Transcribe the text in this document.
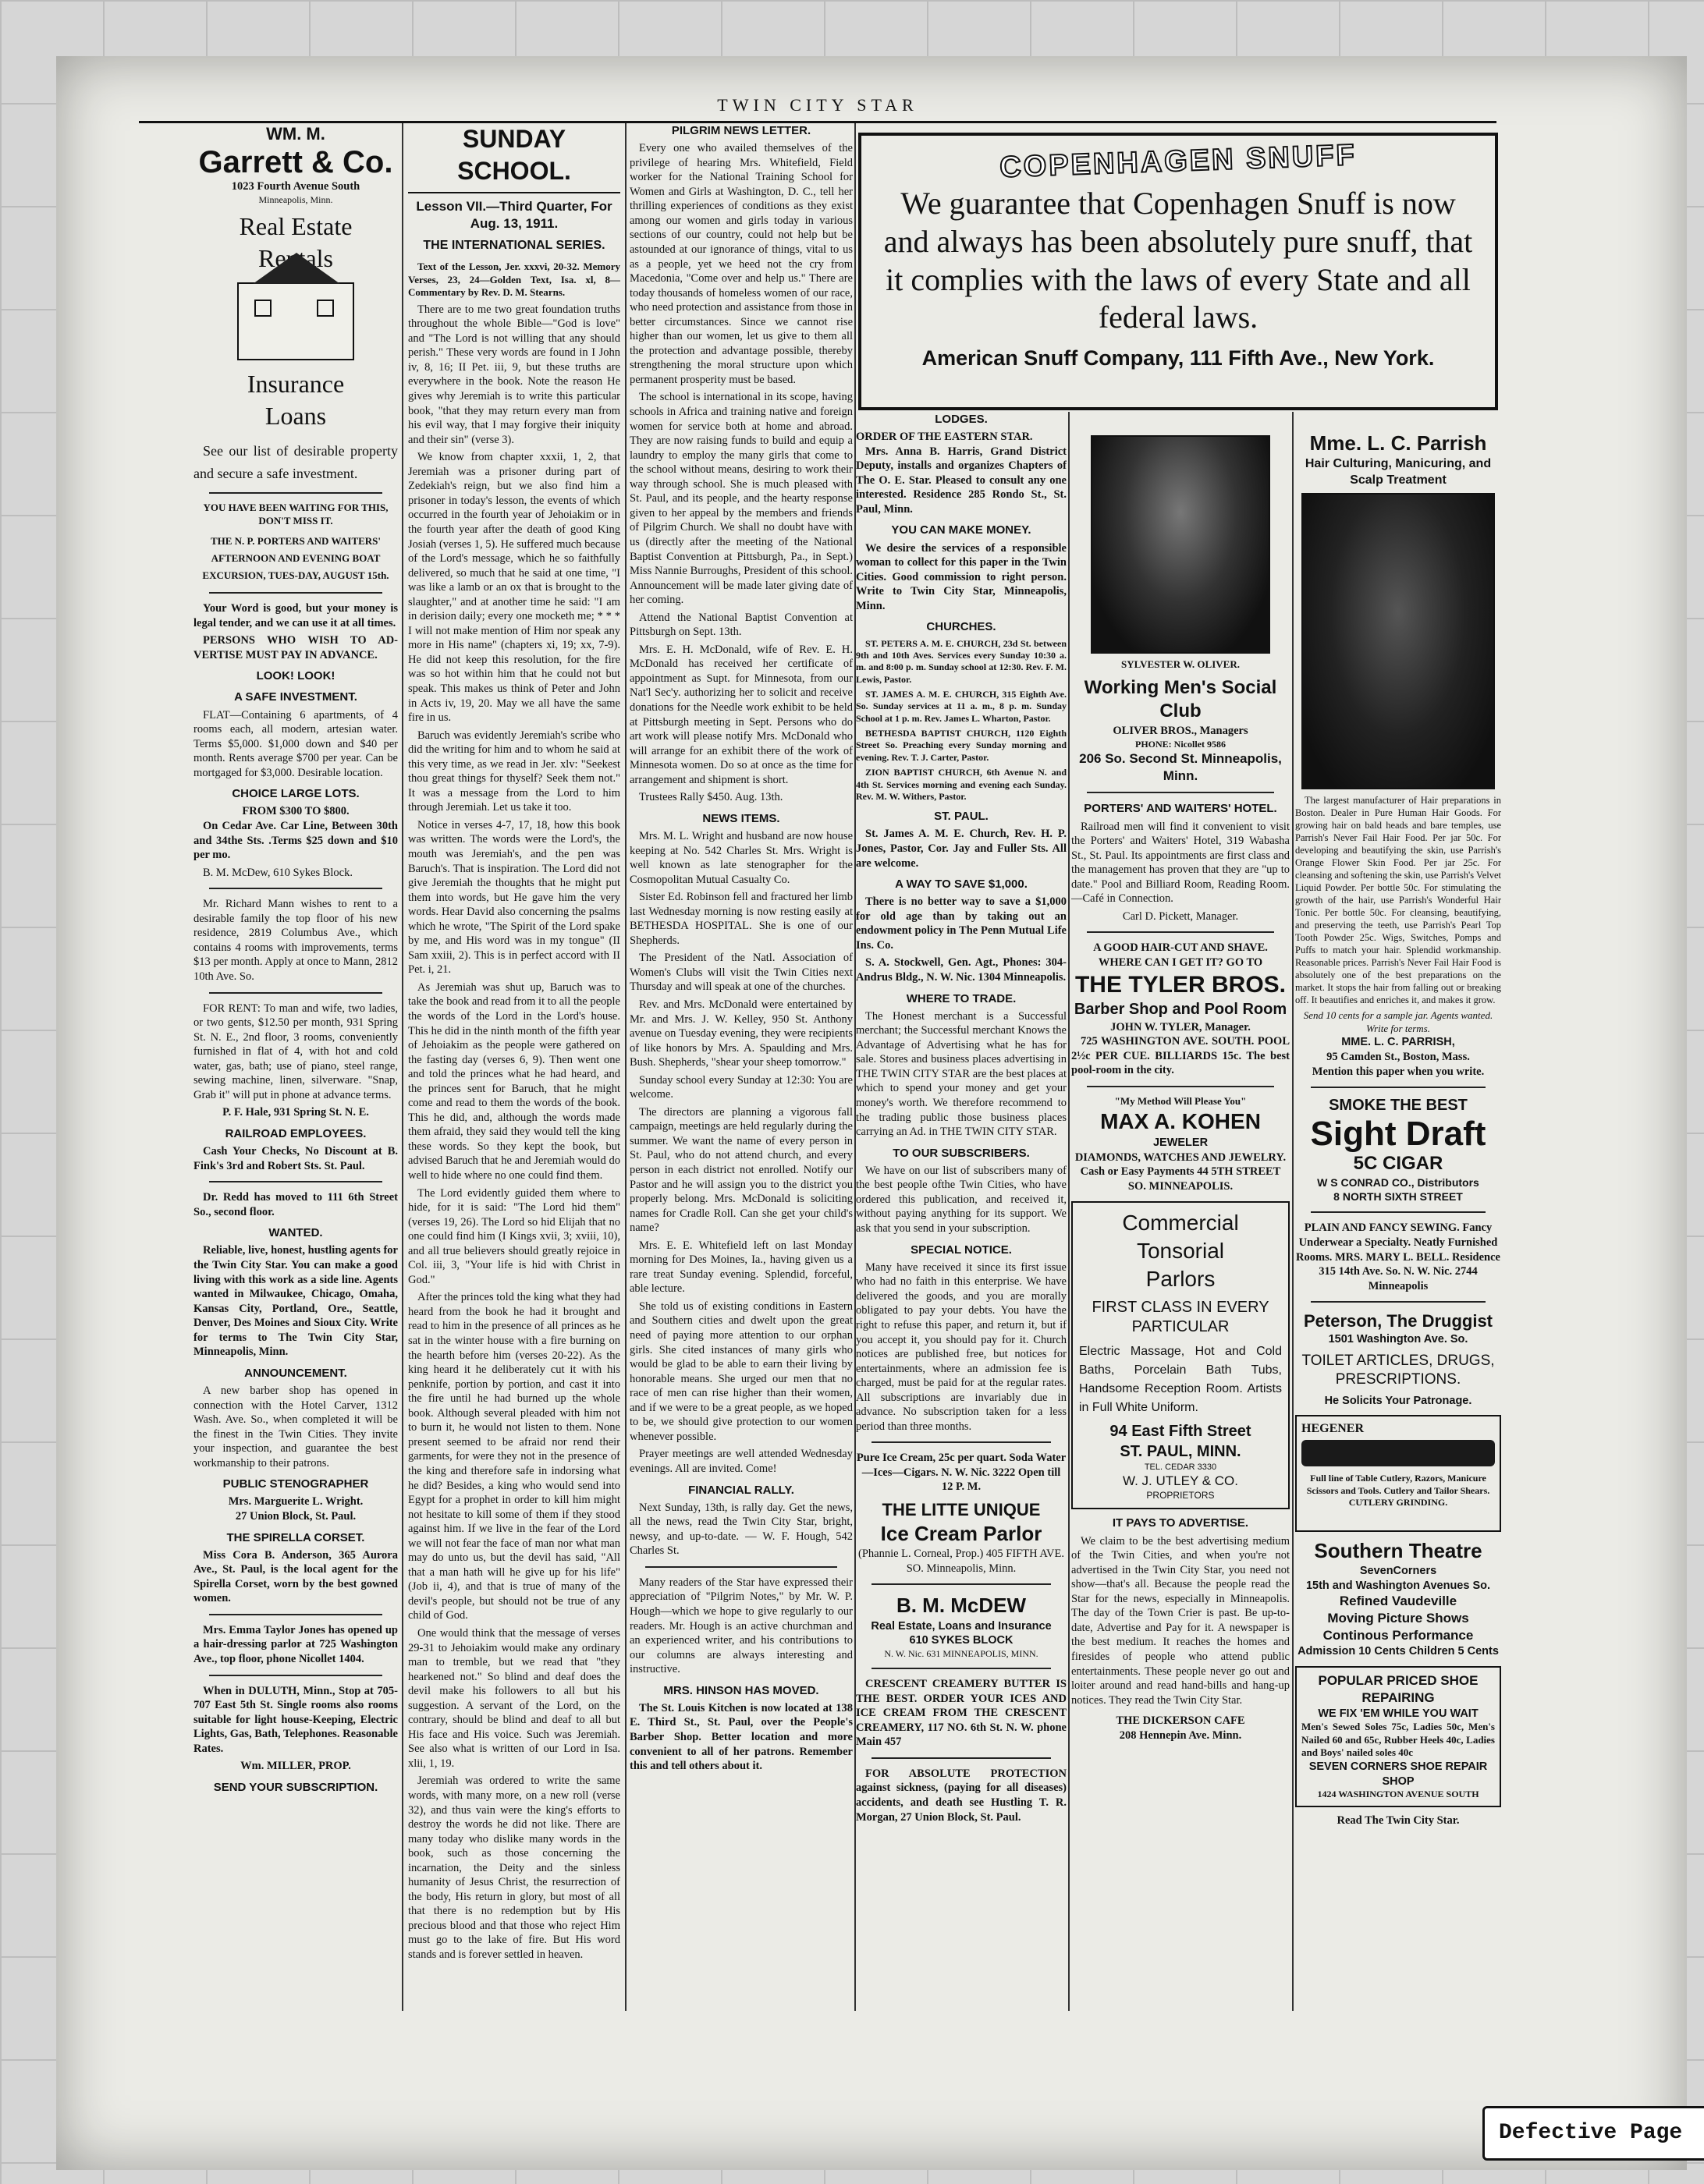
TWIN CITY STAR
WM. M.
Garrett & Co.
1023 Fourth Avenue South
Minneapolis, Minn.
Real Estate
Insurance
Loans

See our list of desirable property and secure a safe investment.

YOU HAVE BEEN WAITING FOR THIS, DON'T MISS IT.
THE N. P. PORTERS AND WAITERS' AFTERNOON AND EVENING BOAT EXCURSION, TUES-DAY, AUGUST 15th.

Your Word is good, but your money is legal tender, and we can use it at all times.

PERSONS WHO WISH TO AD-VERTISE MUST PAY IN ADVANCE.

LOOK! LOOK!
A SAFE INVESTMENT.

FLAT—Containing 6 apartments, of 4 rooms each, all modern, artesian water. Terms $5,000. $1,000 down and $40 per month. Rents average $700 per year. Can be mortgaged for $3,000. Desirable location.

CHOICE LARGE LOTS.
FROM $300 TO $800.

On Cedar Ave. Car Line, Between 30th and 34the Sts. .Terms $25 down and $10 per mo.

B. M. McDew, 610 Sykes Block.

Mr. Richard Mann wishes to rent to a desirable family the top floor of his new residence, 2819 Columbus Ave., which contains 4 rooms with improvements, terms $13 per month. Apply at once to Mann, 2812 10th Ave. So.

FOR RENT: To man and wife, two ladies, or two gents, $12.50 per month, 931 Spring St. N. E., 2nd floor, 3 rooms, conveniently furnished in flat of 4, with hot and cold water, gas, bath; use of piano, steel range, sewing machine, linen, silverware. "Snap, Grab it" will put in phone at advance terms.

P. F. Hale, 931 Spring St. N. E.
RAILROAD EMPLOYEES.

Cash Your Checks, No Discount at B. Fink's 3rd and Robert Sts. St. Paul.

Dr. Redd has moved to 111 6th Street So., second floor.

WANTED.

Reliable, live, honest, hustling agents for the Twin City Star. You can make a good living with this work as a side line. Agents wanted in Milwaukee, Chicago, Omaha, Kansas City, Portland, Ore., Seattle, Denver, Des Moines and Sioux City. Write for terms to The Twin City Star, Minneapolis, Minn.

ANNOUNCEMENT.

A new barber shop has opened in connection with the Hotel Carver, 1312 Wash. Ave. So., when completed it will be the finest in the Twin Cities. They invite your inspection, and guarantee the best workmanship to their patrons.

PUBLIC STENOGRAPHER
Mrs. Marguerite L. Wright.
27 Union Block, St. Paul.
THE SPIRELLA CORSET.

Miss Cora B. Anderson, 365 Aurora Ave., St. Paul, is the local agent for the Spirella Corset, worn by the best gowned women.

Mrs. Emma Taylor Jones has opened up a hair-dressing parlor at 725 Washington Ave., top floor, phone Nicollet 1404.

When in DULUTH, Minn., Stop at 705-707 East 5th St. Single rooms also rooms suitable for light house-Keeping, Electric Lights, Gas, Bath, Telephones. Reasonable Rates.

Wm. MILLER, PROP.
SEND YOUR SUBSCRIPTION.
SUNDAY SCHOOL.
Lesson VII.—Third Quarter, For Aug. 13, 1911.
THE INTERNATIONAL SERIES.

Text of the Lesson, Jer. xxxvi, 20-32. Memory Verses, 23, 24—Golden Text, Isa. xl, 8—Commentary by Rev. D. M. Stearns.

There are to me two great foundation truths throughout the whole Bible—"God is love" and "The Lord is not willing that any should perish." These very words are found in I John iv, 8, 16; II Pet. iii, 9, but these truths are everywhere in the book. Note the reason He gives why Jeremiah is to write this particular book, "that they may return every man from his evil way, that I may forgive their iniquity and their sin" (verse 3).

We know from chapter xxxii, 1, 2, that Jeremiah was a prisoner during part of Zedekiah's reign, but we also find him a prisoner in today's lesson, the events of which occurred in the fourth year of Jehoiakim or in the fourth year after the death of good King Josiah (verses 1, 5). He suffered much because of the Lord's message, which he so faithfully delivered, so much that he said at one time, "I was like a lamb or an ox that is brought to the slaughter," and at another time he said: "I am in derision daily; every one mocketh me; * * * I will not make mention of Him nor speak any more in His name" (chapters xi, 19; xx, 7-9). He did not keep this resolution, for the fire was so hot within him that he could not but speak. This makes us think of Peter and John in Acts iv, 19, 20. May we all have the same fire in us.

Baruch was evidently Jeremiah's scribe who did the writing for him and to whom he said at this very time, as we read in Jer. xlv: "Seekest thou great things for thyself? Seek them not." It was a message from the Lord to him through Jeremiah. Let us take it too.

Notice in verses 4-7, 17, 18, how this book was written. The words were the Lord's, the mouth was Jeremiah's, and the pen was Baruch's. That is inspiration. The Lord did not give Jeremiah the thoughts that he might put them into words, but He gave him the very words. Hear David also concerning the psalms which he wrote, "The Spirit of the Lord spake by me, and His word was in my tongue" (II Sam xxiii, 2). This is in perfect accord with II Pet. i, 21.

As Jeremiah was shut up, Baruch was to take the book and read from it to all the people the words of the Lord in the Lord's house. This he did in the ninth month of the fifth year of Jehoiakim as the people were gathered on the fasting day (verses 6, 9). Then went one and told the princes what he had heard, and the princes sent for Baruch, that he might come and read to them the words of the book. This he did, and, although the words made them afraid, they said they would tell the king these words. So they kept the book, but advised Baruch that he and Jeremiah would do well to hide where no one could find them.

The Lord evidently guided them where to hide, for it is said: "The Lord hid them" (verses 19, 26). The Lord so hid Elijah that no one could find him (I Kings xvii, 3; xviii, 10), and all true believers should greatly rejoice in Col. iii, 3, "Your life is hid with Christ in God."

After the princes told the king what they had heard from the book he had it brought and read to him in the presence of all princes as he sat in the winter house with a fire burning on the hearth before him (verses 20-22). As the king heard it he deliberately cut it with his penknife, portion by portion, and cast it into the fire until he had burned up the whole book. Although several pleaded with him not to burn it, he would not listen to them. None present seemed to be afraid nor rend their garments, for were they not in the presence of the king and therefore safe in indorsing what he did? Besides, a king who would send into Egypt for a prophet in order to kill him might not hesitate to kill some of them if they stood against him. If we live in the fear of the Lord we will not fear the face of man nor what man may do unto us, but the devil has said, "All that a man hath will he give up for his life" (Job ii, 4), and that is true of many of the devil's people, but should not be true of any child of God.

One would think that the message of verses 29-31 to Jehoiakim would make any ordinary man to tremble, but we read that "they hearkened not." So blind and deaf does the devil make his followers to all but his suggestion. A servant of the Lord, on the contrary, should be blind and deaf to all but His face and His voice. Such was Jeremiah. See also what is written of our Lord in Isa. xlii, 1, 19.

Jeremiah was ordered to write the same words, with many more, on a new roll (verse 32), and thus vain were the king's efforts to destroy the words he did not like. There are many today who dislike many words in the book, such as those concerning the incarnation, the Deity and the sinless humanity of Jesus Christ, the resurrection of the body, His return in glory, but most of all that there is no redemption but by His precious blood and that those who reject Him must go to the lake of fire. But His word stands and is forever settled in heaven.

PILGRIM NEWS LETTER.

Every one who availed themselves of the privilege of hearing Mrs. Whitefield, Field worker for the National Training School for Women and Girls at Washington, D. C., tell her thrilling experiences of conditions as they exist among our women and girls today in various sections of our country, could not help but be astounded at our ignorance of things, vital to us as a people, yet we heed not the cry from Macedonia, "Come over and help us." There are today thousands of homeless women of our race, who need protection and assistance from those in better circumstances. Since we cannot rise higher than our women, let us give to them all the protection and advantage possible, thereby strengthening the moral structure upon which permanent prosperity must be based.

The school is international in its scope, having schools in Africa and training native and foreign women for service both at home and abroad. They are now raising funds to build and equip a laundry to employ the many girls that come to the school without means, desiring to work their way through school. She is much pleased with St. Paul, and its people, and the hearty response given to her appeal by the members and friends of Pilgrim Church. We shall no doubt have with us (directly after the meeting of the National Baptist Convention at Pittsburgh, Pa., in Sept.) Miss Nannie Burroughs, President of this school. Announcement will be made later giving date of her coming.

Attend the National Baptist Convention at Pittsburgh on Sept. 13th.

Mrs. E. H. McDonald, wife of Rev. E. H. McDonald has received her certificate of appointment as Supt. for Minnesota, from our Nat'l Sec'y. authorizing her to solicit and receive donations for the Needle work exhibit to be held at Pittsburgh meeting in Sept. Persons who do art work will please notify Mrs. McDonald who will arrange for an exhibit there of the work of Minnesota women. Do so at once as the time for arrangement and shipment is short.

Trustees Rally $450. Aug. 13th.

NEWS ITEMS.

Mrs. M. L. Wright and husband are now house keeping at No. 542 Charles St. Mrs. Wright is well known as late stenographer for the Cosmopolitan Mutual Casualty Co.

Sister Ed. Robinson fell and fractured her limb last Wednesday morning is now resting easily at BETHESDA HOSPITAL. She is one of our Shepherds.

The President of the Natl. Association of Women's Clubs will visit the Twin Cities next Thursday and will speak at one of the churches.

Rev. and Mrs. McDonald were entertained by Mr. and Mrs. J. W. Kelley, 950 St. Anthony avenue on Tuesday evening, they were recipients of like honors by Mrs. A. Spaulding and Mrs. Bush. Shepherds, "shear your sheep tomorrow."

Sunday school every Sunday at 12:30: You are welcome.

The directors are planning a vigorous fall campaign, meetings are held regularly during the summer. We want the name of every person in St. Paul, who do not attend church, and every person in each district not enrolled. Notify our Pastor and he will assign you to the district you properly belong. Mrs. McDonald is soliciting names for Cradle Roll. Can she get your child's name?

Mrs. E. E. Whitefield left on last Monday morning for Des Moines, Ia., having given us a rare treat Sunday evening. Splendid, forceful, able lecture.

She told us of existing conditions in Eastern and Southern cities and dwelt upon the great need of paying more attention to our orphan girls. She cited instances of many girls who would be glad to be able to earn their living by honorable means. She urged our men that no race of men can rise higher than their women, and if we were to be a great people, as we hoped to be, we should give protection to our women whenever possible.

Prayer meetings are well attended Wednesday evenings. All are invited. Come!

FINANCIAL RALLY.

Next Sunday, 13th, is rally day. Get the news, all the news, read the Twin City Star, bright, newsy, and up-to-date. — W. F. Hough, 542 Charles St.

Many readers of the Star have expressed their appreciation of "Pilgrim Notes," by Mr. W. P. Hough—which we hope to give regularly to our readers. Mr. Hough is an active churchman and an experienced writer, and his contributions to our columns are always interesting and instructive.

MRS. HINSON HAS MOVED.

The St. Louis Kitchen is now located at 138 E. Third St., St. Paul, over the People's Barber Shop. Better location and more convenient to all of her patrons. Remember this and tell others about it.

COPENHAGEN SNUFF
We guarantee that Copenhagen Snuff is now and always has been absolutely pure snuff, that it complies with the laws of every State and all federal laws.
American Snuff Company, 111 Fifth Ave., New York.
LODGES.
ORDER OF THE EASTERN STAR.

Mrs. Anna B. Harris, Grand District Deputy, installs and organizes Chapters of The O. E. Star. Pleased to consult any one interested. Residence 285 Rondo St., St. Paul, Minn.

YOU CAN MAKE MONEY.

We desire the services of a responsible woman to collect for this paper in the Twin Cities. Good commission to right person. Write to Twin City Star, Minneapolis, Minn.

CHURCHES.

ST. PETERS A. M. E. CHURCH, 23d St. between 9th and 10th Aves. Services every Sunday 10:30 a. m. and 8:00 p. m. Sunday school at 12:30. Rev. F. M. Lewis, Pastor.

ST. JAMES A. M. E. CHURCH, 315 Eighth Ave. So. Sunday services at 11 a. m., 8 p. m. Sunday School at 1 p. m. Rev. James L. Wharton, Pastor.

BETHESDA BAPTIST CHURCH, 1120 Eighth Street So. Preaching every Sunday morning and evening. Rev. T. J. Carter, Pastor.

ZION BAPTIST CHURCH, 6th Avenue N. and 4th St. Services morning and evening each Sunday. Rev. M. W. Withers, Pastor.

ST. PAUL.

St. James A. M. E. Church, Rev. H. P. Jones, Pastor, Cor. Jay and Fuller Sts. All are welcome.

A WAY TO SAVE $1,000.

There is no better way to save a $1,000 for old age than by taking out an endowment policy in The Penn Mutual Life Ins. Co.

S. A. Stockwell, Gen. Agt., Phones: 304- Andrus Bldg., N. W. Nic. 1304 Minneapolis.

WHERE TO TRADE.

The Honest merchant is a Successful merchant; the Successful merchant Knows the Advantage of Advertising what he has for sale. Stores and business places advertising in THE TWIN CITY STAR are the best places at which to spend your money and get your money's worth. We therefore recommend to the trading public those business places carrying an Ad. in THE TWIN CITY STAR.

TO OUR SUBSCRIBERS.

We have on our list of subscribers many of the best people ofthe Twin Cities, who have ordered this publication, and received it, without paying anything for its support. We ask that you send in your subscription.

SPECIAL NOTICE.

Many have received it since its first issue who had no faith in this enterprise. We have delivered the goods, and you are morally obligated to pay your debts. You have the right to refuse this paper, and return it, but if you accept it, you should pay for it. Church notices are published free, but notices for entertainments, where an admission fee is charged, must be paid for at the regular rates. All subscriptions are invariably due in advance. No subscription taken for a less period than three months.

Pure Ice Cream, 25c per quart. Soda Water—Ices—Cigars. N. W. Nic. 3222 Open till 12 P. M.
THE LITTE UNIQUE
Ice Cream Parlor
(Phannie L. Corneal, Prop.) 405 FIFTH AVE. SO. Minneapolis, Minn.
B. M. McDEW
Real Estate, Loans and Insurance
610 SYKES BLOCK
N. W. Nic. 631 MINNEAPOLIS, MINN.

CRESCENT CREAMERY BUTTER IS THE BEST. ORDER YOUR ICES AND ICE CREAM FROM THE CRESCENT CREAMERY, 117 NO. 6th St. N. W. phone Main 457

FOR ABSOLUTE PROTECTION against sickness, (paying for all diseases) accidents, and death see Hustling T. R. Morgan, 27 Union Block, St. Paul.

SYLVESTER W. OLIVER.
Working Men's Social Club
OLIVER BROS., Managers
PHONE: Nicollet 9586
206 So. Second St. Minneapolis, Minn.
PORTERS' AND WAITERS' HOTEL.

Railroad men will find it convenient to visit the Porters' and Waiters' Hotel, 319 Wabasha St., St. Paul. Its appointments are first class and the management has proven that they are "up to date." Pool and Billiard Room, Reading Room.—Café in Connection.

Carl D. Pickett, Manager.
A GOOD HAIR-CUT AND SHAVE. WHERE CAN I GET IT? GO TO
THE TYLER BROS.
Barber Shop and Pool Room
JOHN W. TYLER, Manager.

725 WASHINGTON AVE. SOUTH. POOL 2½c PER CUE. BILLIARDS 15c. The best pool-room in the city.

"My Method Will Please You"
MAX A. KOHEN
JEWELER
DIAMONDS, WATCHES AND JEWELRY.
Cash or Easy Payments 44 5TH STREET SO. MINNEAPOLIS.
Commercial
Tonsorial
Parlors
FIRST CLASS IN EVERY PARTICULAR
Electric Massage, Hot and Cold Baths, Porcelain Bath Tubs, Handsome Reception Room. Artists in Full White Uniform.
94 East Fifth Street
ST. PAUL, MINN.
TEL. CEDAR 3330
W. J. UTLEY & CO.
PROPRIETORS
IT PAYS TO ADVERTISE.

We claim to be the best advertising medium of the Twin Cities, and when you're not advertised in the Twin City Star, you need not show—that's all. Because the people read the Star for the news, especially in Minneapolis. The day of the Town Crier is past. Be up-to-date, Advertise and Pay for it. A newspaper is the best medium. It reaches the homes and firesides of people who attend public entertainments. These people never go out and loiter around and read hand-bills and hang-up notices. They read the Twin City Star.

THE DICKERSON CAFE
208 Hennepin Ave. Minn.
Mme. L. C. Parrish
Hair Culturing, Manicuring, and Scalp Treatment

The largest manufacturer of Hair preparations in Boston. Dealer in Pure Human Hair Goods. For growing hair on bald heads and bare temples, use Parrish's Never Fail Hair Food. Per jar 50c. For developing and beautifying the skin, use Parrish's Orange Flower Skin Food. Per jar 25c. For cleansing and softening the skin, use Parrish's Velvet Liquid Powder. Per bottle 50c. For stimulating the growth of the hair, use Parrish's Wonderful Hair Tonic. Per bottle 50c. For cleansing, beautifying, and preserving the teeth, use Parrish's Pearl Top Tooth Powder 25c. Wigs, Switches, Pomps and Puffs to match your hair. Splendid workmanship. Reasonable prices. Parrish's Never Fail Hair Food is absolutely one of the best preparations on the market. It stops the hair from falling out or breaking off. It beautifies and enriches it, and makes it grow.

Send 10 cents for a sample jar. Agents wanted. Write for terms.
MME. L. C. PARRISH,
95 Camden St., Boston, Mass.
Mention this paper when you write.
SMOKE THE BEST
Sight Draft
5C CIGAR
W S CONRAD CO., Distributors
8 NORTH SIXTH STREET

PLAIN AND FANCY SEWING. Fancy Underwear a Specialty. Neatly Furnished Rooms. MRS. MARY L. BELL. Residence 315 14th Ave. So. N. W. Nic. 2744 Minneapolis

Peterson, The Druggist
1501 Washington Ave. So.
TOILET ARTICLES, DRUGS, PRESCRIPTIONS.
He Solicits Your Patronage.
HEGENER
Full line of Table Cutlery, Razors, Manicure Scissors and Tools. Cutlery and Tailor Shears. CUTLERY GRINDING.
Southern Theatre
SevenCorners
15th and Washington Avenues So.
Refined Vaudeville
Moving Picture Shows
Continous Performance
Admission 10 Cents Children 5 Cents
POPULAR PRICED SHOE REPAIRING
WE FIX 'EM WHILE YOU WAIT
Men's Sewed Soles 75c, Ladies 50c, Men's Nailed 60 and 65c, Rubber Heels 40c, Ladies and Boys' nailed soles 40c
SEVEN CORNERS SHOE REPAIR SHOP
1424 WASHINGTON AVENUE SOUTH
Read The Twin City Star.
Defective Page
